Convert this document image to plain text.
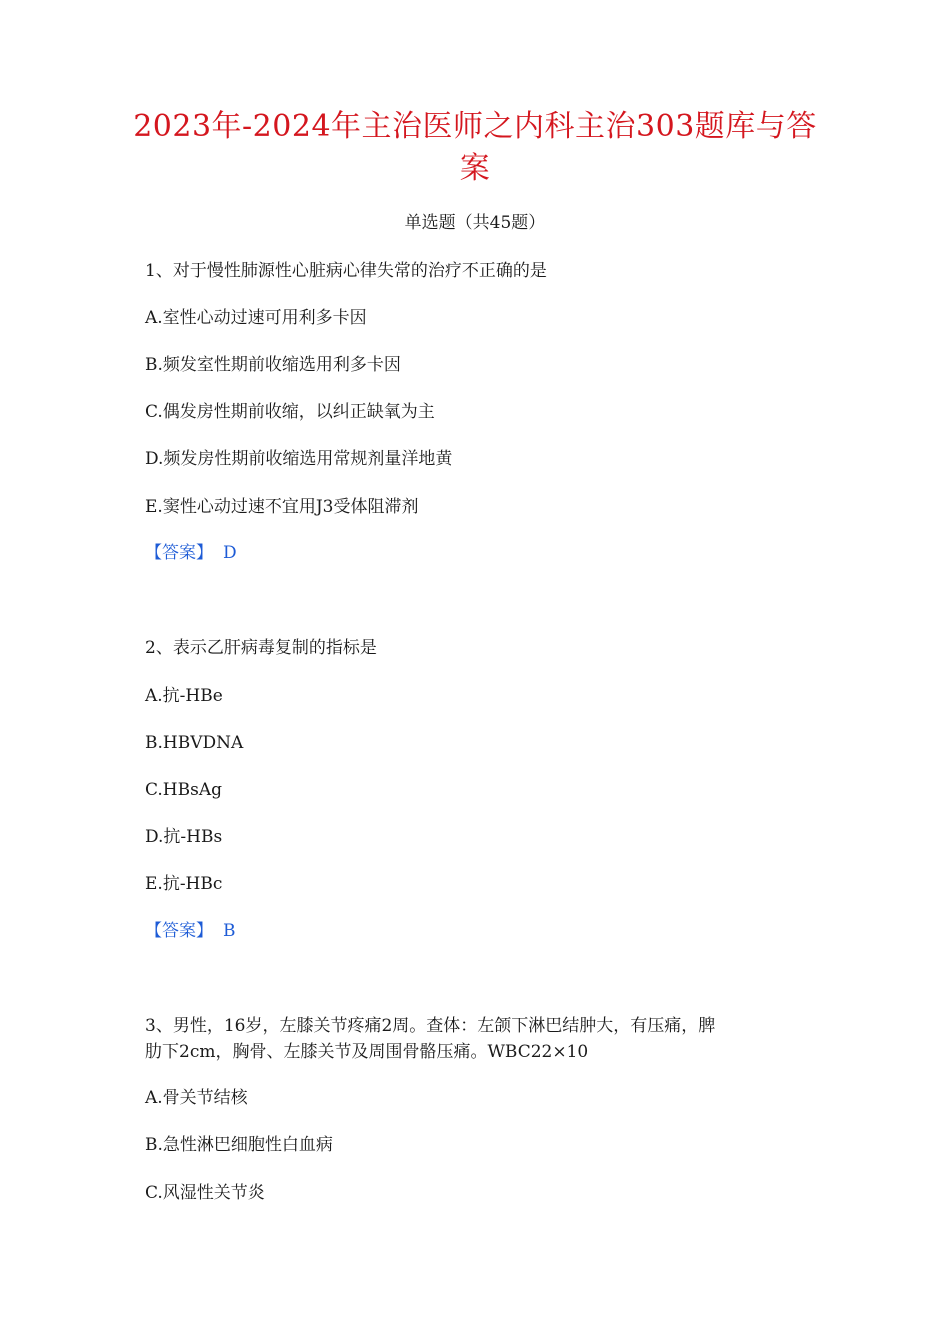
2023年-2024年主治医师之内科主治303题库与答
案
单选题（共45题）
1、对于慢性肺源性心脏病心律失常的治疗不正确的是
A.室性心动过速可用利多卡因
B.频发室性期前收缩选用利多卡因
C.偶发房性期前收缩，以纠正缺氧为主
D.频发房性期前收缩选用常规剂量洋地黄
E.窦性心动过速不宜用J3受体阻滞剂
【答案】 D
2、表示乙肝病毒复制的指标是
A.抗-HBe
B.HBVDNA
C.HBsAg
D.抗-HBs
E.抗-HBc
【答案】 B
3、男性，16岁，左膝关节疼痛2周。查体：左颌下淋巴结肿大，有压痛，脾
肋下2cm，胸骨、左膝关节及周围骨骼压痛。WBC22×10
A.骨关节结核
B.急性淋巴细胞性白血病
C.风湿性关节炎
